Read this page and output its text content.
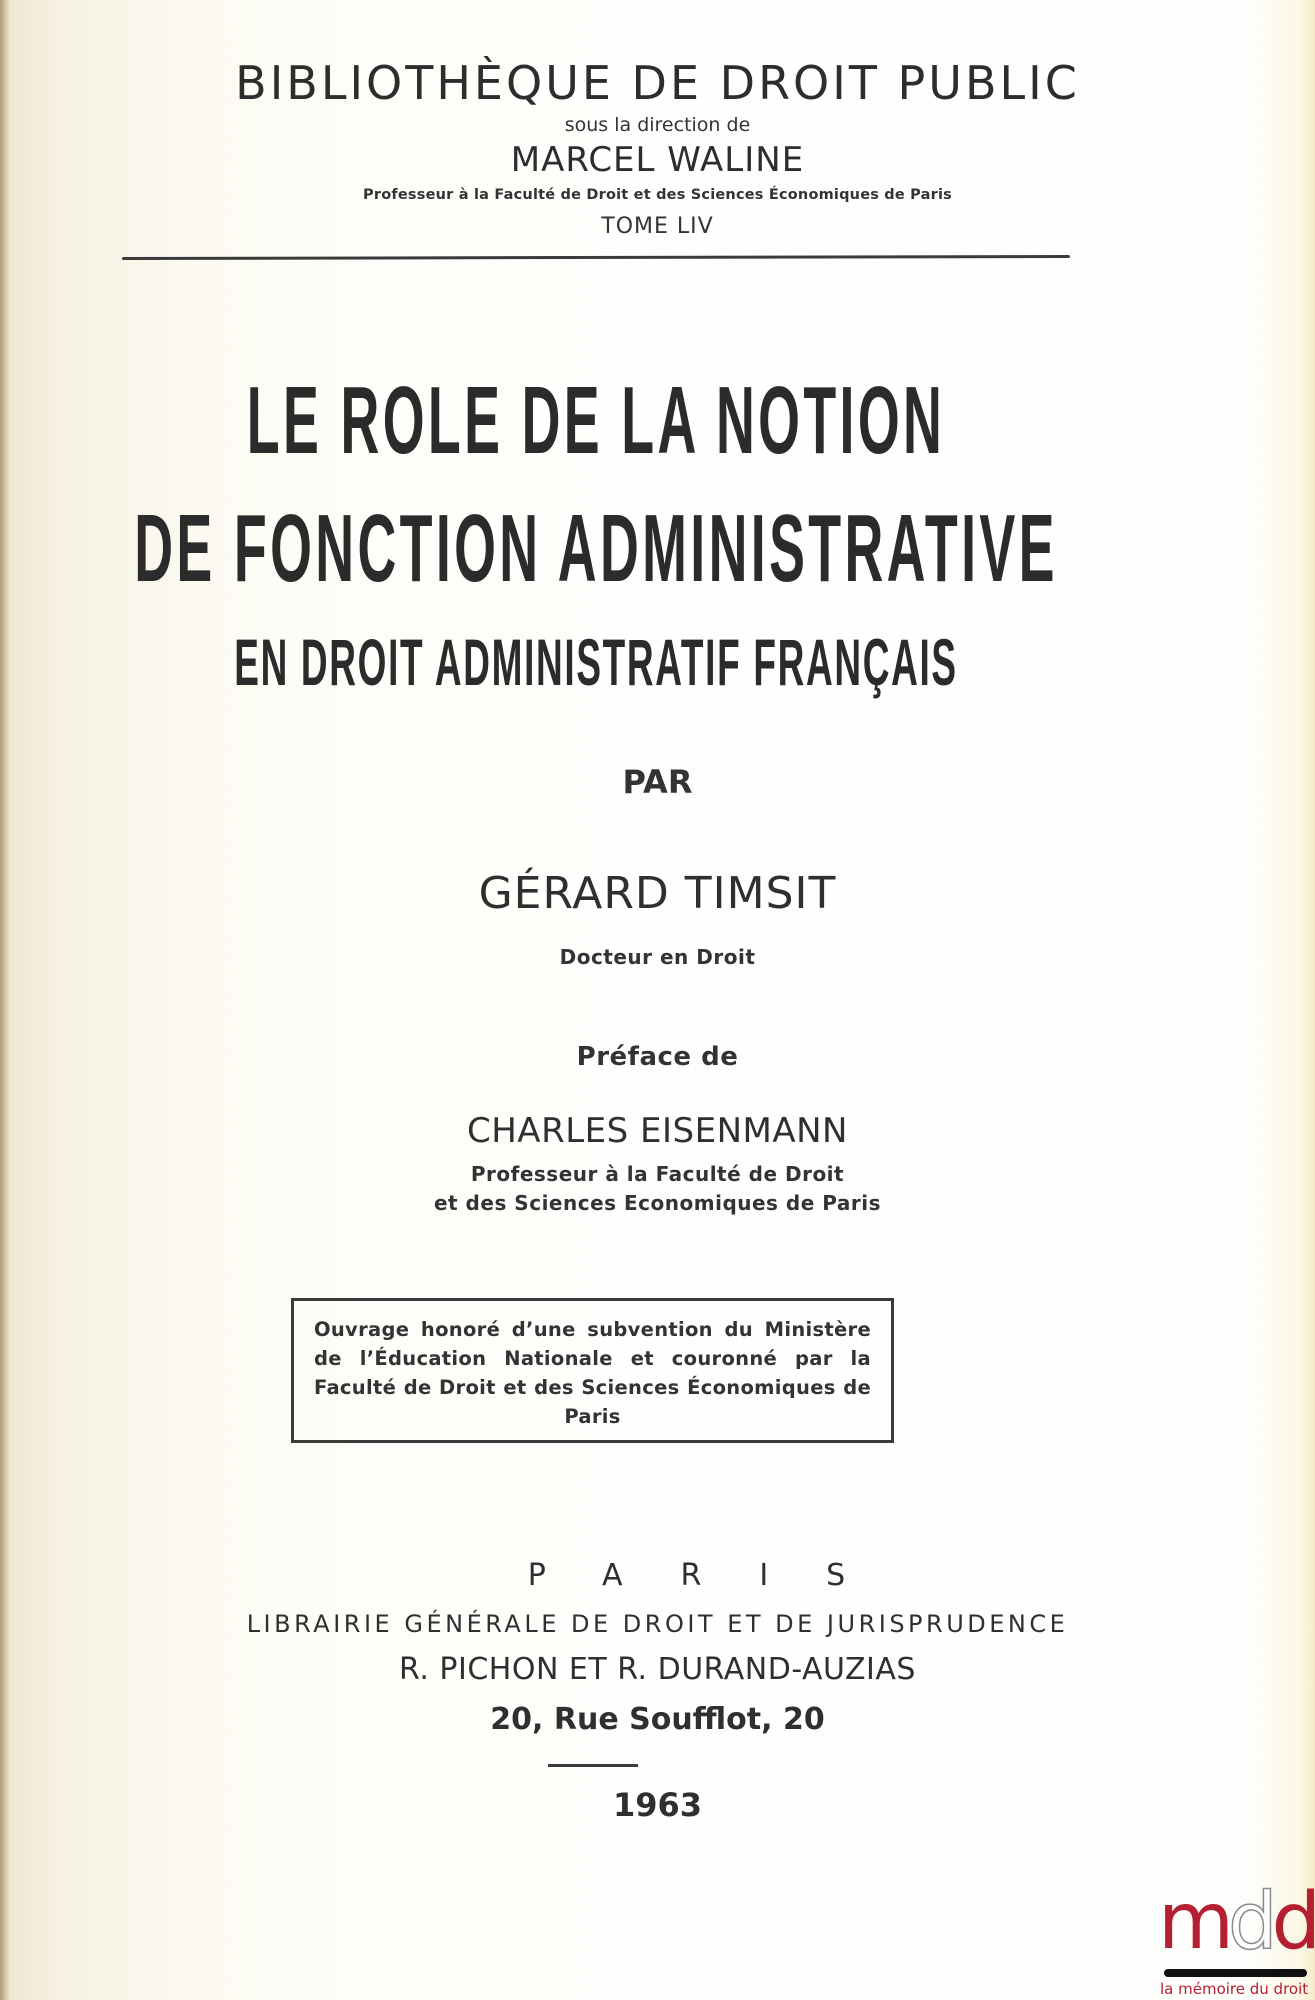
BIBLIOTHÈQUE DE DROIT PUBLIC
sous la direction de
MARCEL WALINE
Professeur à la Faculté de Droit et des Sciences Économiques de Paris
TOME LIV
LE ROLE DE LA NOTION
DE FONCTION ADMINISTRATIVE
EN DROIT ADMINISTRATIF FRANÇAIS
PAR
GÉRARD TIMSIT
Docteur en Droit
Préface de
CHARLES EISENMANN
Professeur à la Faculté de Droit
et des Sciences Economiques de Paris
Ouvrage honoré d’une subvention du Ministère de l’Éducation Nationale et couronné par la Faculté de Droit et des Sciences Économiques de Paris
PARIS
LIBRAIRIE GÉNÉRALE DE DROIT ET DE JURISPRUDENCE
R. PICHON ET R. DURAND-AUZIAS
20, Rue Soufflot, 20
1963
mdd
la mémoire du droit
